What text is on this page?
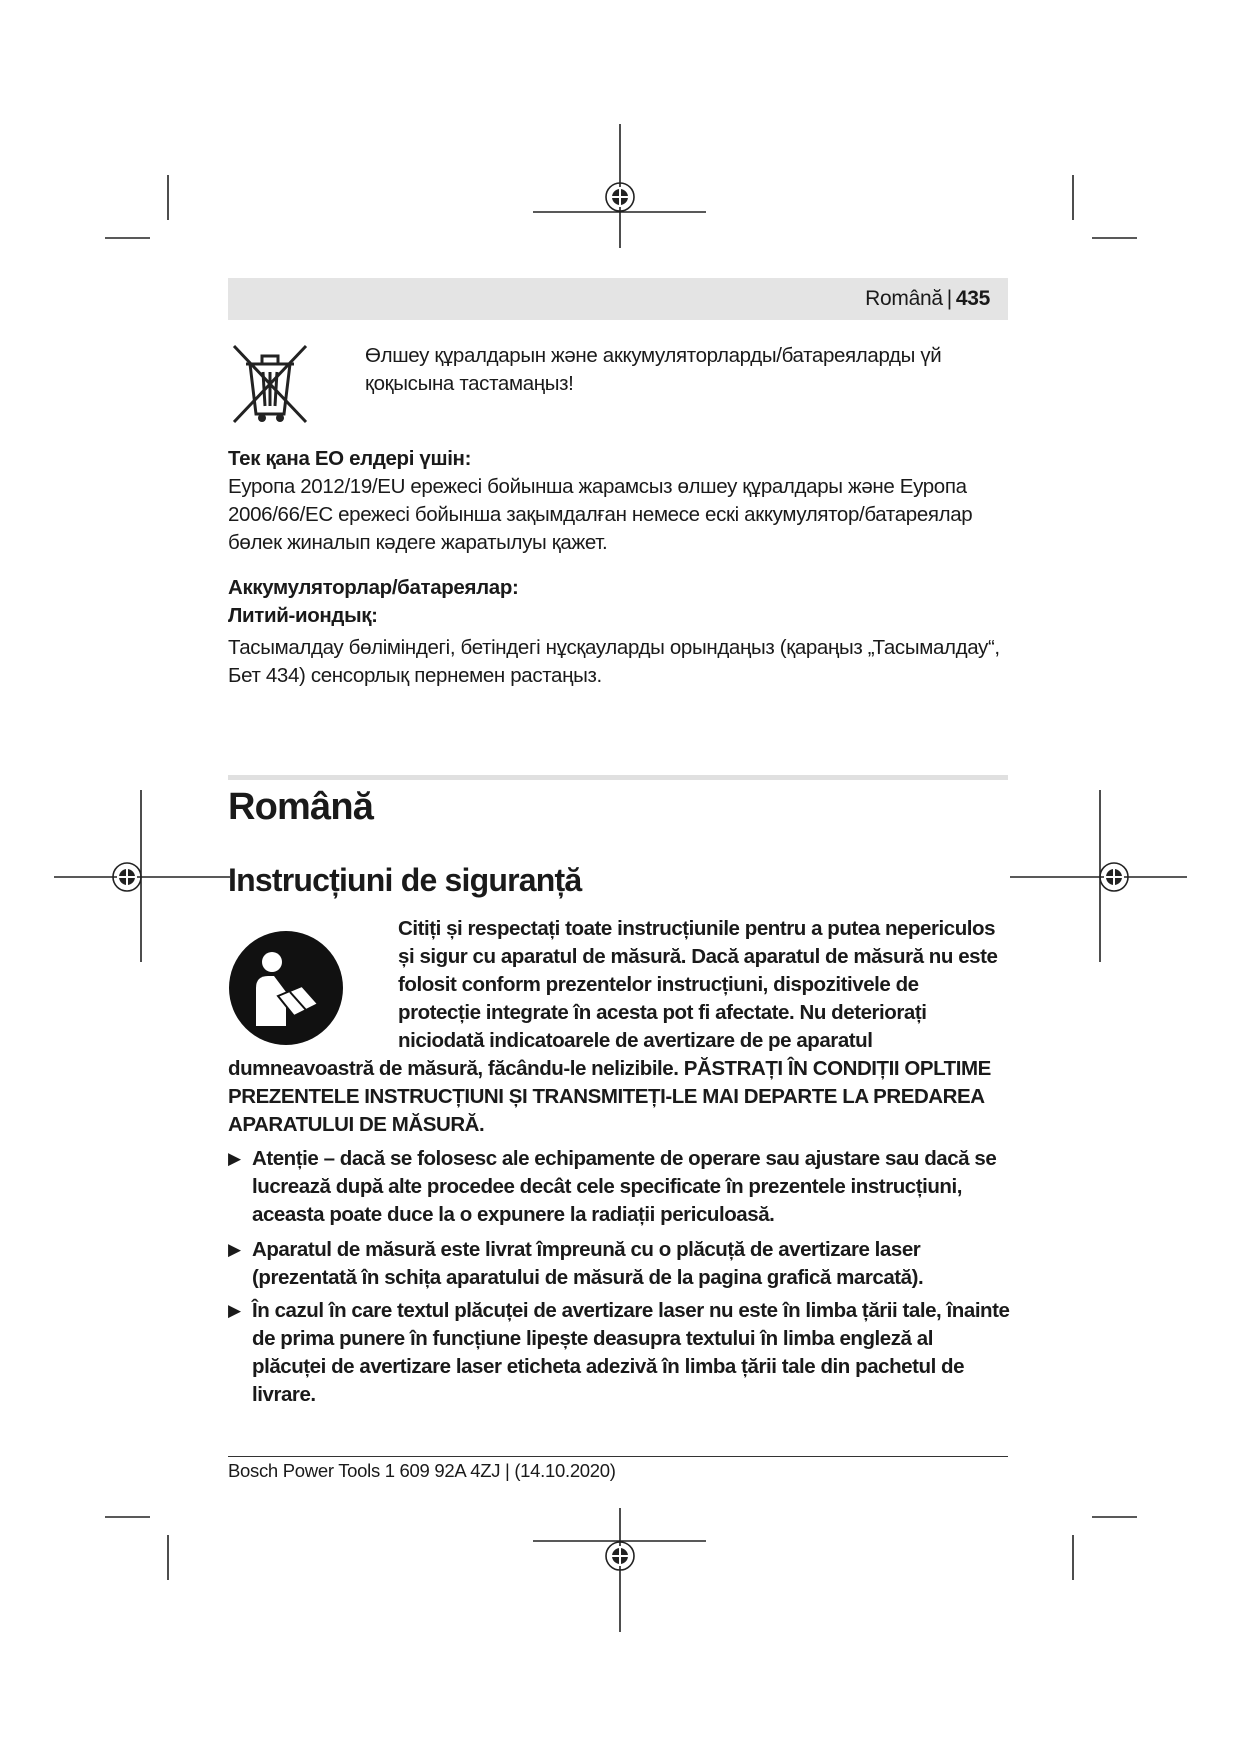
Română | 435
Өлшеу құралдарын және аккумуляторларды/батареяларды үй қоқысына тастамаңыз!
Тек қана ЕО елдері үшін:
Еуропа 2012/19/EU ережесі бойынша жарамсыз өлшеу құралдары және Еуропа 2006/66/EC ережесі бойынша зақымдалған немесе ескі аккумулятор/батареялар бөлек жиналып кәдеге жаратылуы қажет.
Аккумуляторлар/батареялар:
Литий-иондық:
Тасымалдау бөліміндегі, бетіндегі нұсқауларды орындаңыз (қараңыз „Тасымалдау“, Бет 434) сенсорлық пернемен растаңыз.
Română
Instrucțiuni de siguranță
Citiți și respectați toate instrucțiunile pentru a putea nepericulos
și sigur cu aparatul de măsură. Dacă aparatul de măsură nu este
folosit conform prezentelor instrucțiuni, dispozitivele de
protecție integrate în acesta pot fi afectate. Nu deteriorați
niciodată indicatoarele de avertizare de pe aparatul
dumneavoastră de măsură, făcându-le nelizibile. PĂSTRAȚI ÎN CONDIȚII OPLTIME PREZENTELE INSTRUCȚIUNI ȘI TRANSMITEȚI-LE MAI DEPARTE LA PREDAREA APARATULUI DE MĂSURĂ.
▶ Atenție – dacă se folosesc ale echipamente de operare sau ajustare sau dacă se lucrează după alte procedee decât cele specificate în prezentele instrucțiuni, aceasta poate duce la o expunere la radiații periculoasă.
▶ Aparatul de măsură este livrat împreună cu o plăcuță de avertizare laser (prezentată în schița aparatului de măsură de la pagina grafică marcată).
▶ În cazul în care textul plăcuței de avertizare laser nu este în limba țării tale, înainte de prima punere în funcțiune lipește deasupra textului în limba engleză al plăcuței de avertizare laser eticheta adezivă în limba țării tale din pachetul de livrare.
Bosch Power Tools 1 609 92A 4ZJ | (14.10.2020)
